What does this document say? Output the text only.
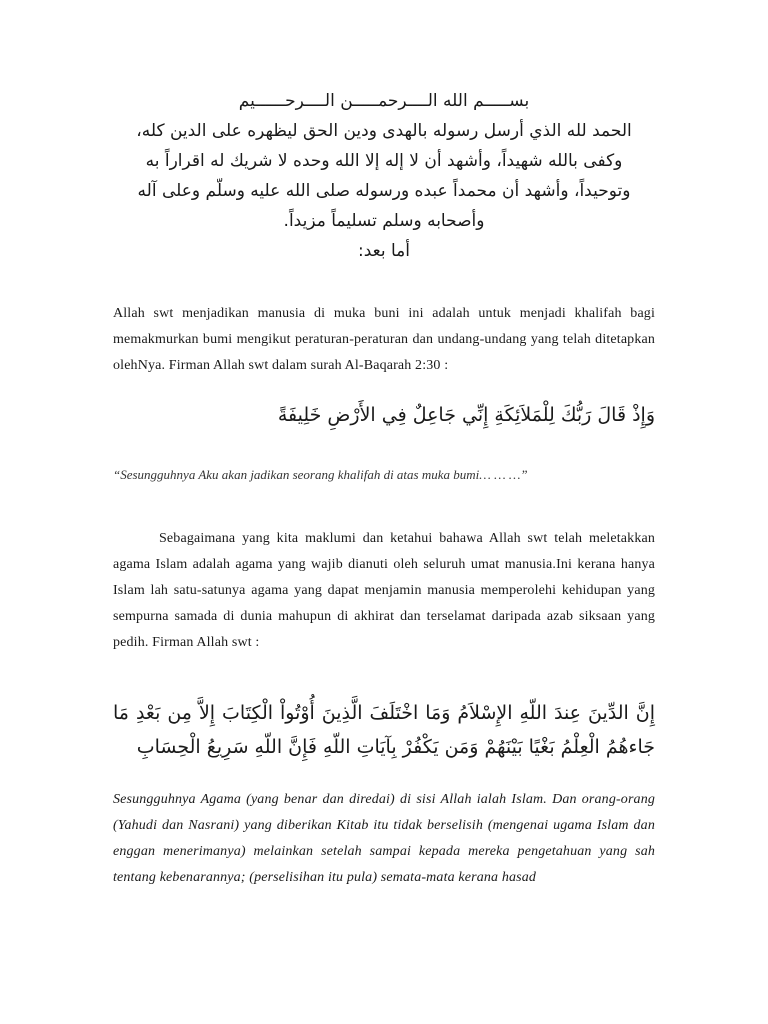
بســـــم الله الــــرحمـــــن الــــرحــــــيم
الحمد لله الذي أرسل رسوله بالهدى ودين الحق ليظهره على الدين كله،
وكفى بالله شهيداً، وأشهد أن لا إله إلا الله وحده لا شريك له اقراراً به
وتوحيداً، وأشهد أن محمداً عبده ورسوله صلى الله عليه وسلّم وعلى آله
وأصحابه وسلم تسليماً مزيداً.
أما بعد:
Allah swt menjadikan manusia di muka buni ini adalah untuk menjadi khalifah bagi memakmurkan bumi mengikut peraturan-peraturan dan undang-undang yang telah ditetapkan olehNya. Firman Allah swt dalam surah Al-Baqarah 2:30 :
وَإِذْ قَالَ رَبُّكَ لِلْمَلاَئِكَةِ إِنِّي جَاعِلٌ فِي الأَرْضِ خَلِيفَةً
“Sesungguhnya Aku akan jadikan seorang khalifah di atas muka bumi… … …”
Sebagaimana yang kita maklumi dan ketahui bahawa Allah swt telah meletakkan agama Islam adalah agama yang wajib dianuti oleh seluruh umat manusia.Ini kerana hanya Islam lah satu-satunya agama yang dapat menjamin manusia memperolehi kehidupan yang sempurna samada di dunia mahupun di akhirat dan terselamat daripada azab siksaan yang pedih. Firman Allah swt :
إِنَّ الدِّينَ عِندَ اللّهِ الإِسْلاَمُ وَمَا اخْتَلَفَ الَّذِينَ أُوْتُواْ الْكِتَابَ إِلاَّ مِن بَعْدِ مَا جَاءهُمُ الْعِلْمُ بَغْيًا بَيْنَهُمْ وَمَن يَكْفُرْ بِآيَاتِ اللّهِ فَإِنَّ اللّهِ سَرِيعُ الْحِسَابِ
Sesungguhnya Agama (yang benar dan diredai) di sisi Allah ialah Islam. Dan orang-orang (Yahudi dan Nasrani) yang diberikan Kitab itu tidak berselisih (mengenai ugama Islam dan enggan menerimanya) melainkan setelah sampai kepada mereka pengetahuan yang sah tentang kebenarannya; (perselisihan itu pula) semata-mata kerana hasad
